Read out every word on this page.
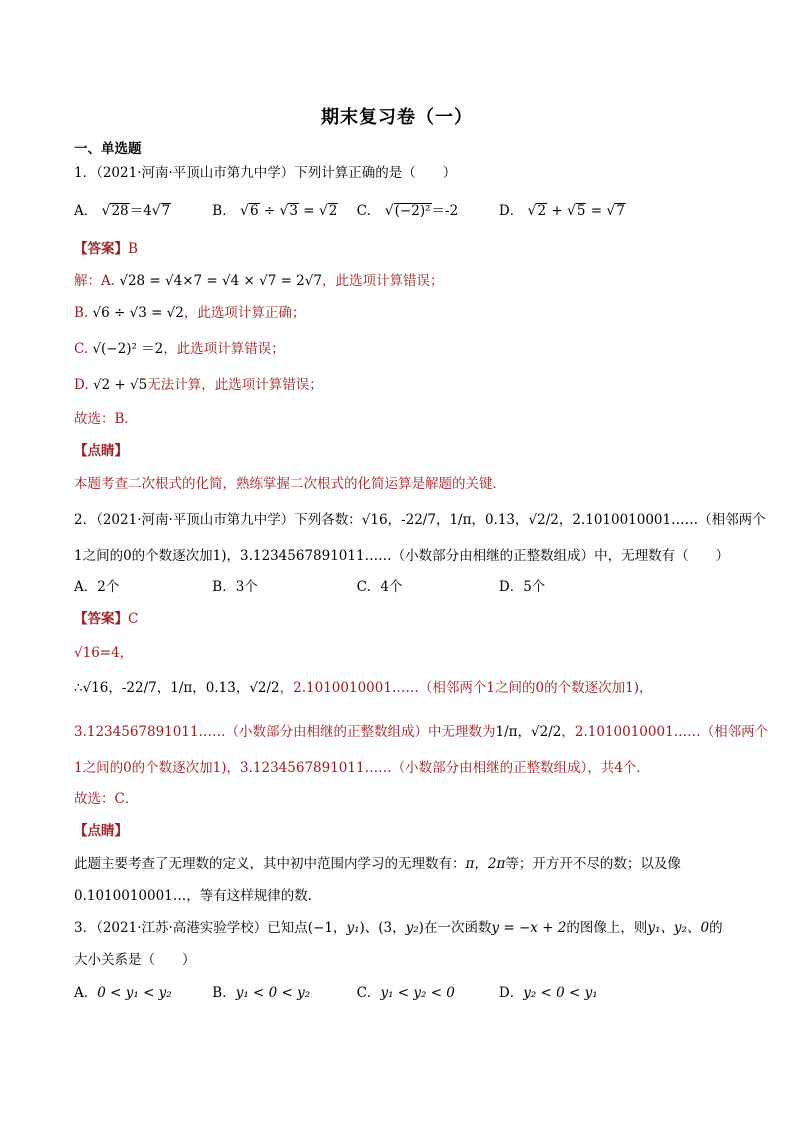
期末复习卷（一）
一、单选题
1．（2021·河南·平顶山市第九中学）下列计算正确的是（　　）
A． √28＝4√7	B． √6 ÷ √3 = √2 C． √(−2)²＝-2	D． √2 + √5 = √7
【答案】B
解：A. √28 = √4×7 = √4 × √7 = 2√7，此选项计算错误；
B. √6 ÷ √3 = √2，此选项计算正确；
C. √(−2)² ＝2，此选项计算错误；
D. √2 + √5无法计算，此选项计算错误；
故选：B．
【点睛】
本题考查二次根式的化简，熟练掌握二次根式的化简运算是解题的关键．
2．（2021·河南·平顶山市第九中学）下列各数：√16，-22/7，1/π，0.13̇，√2/2，2.1010010001……（相邻两个
1之间的0的个数逐次加1)，3.1234567891011……（小数部分由相继的正整数组成）中，无理数有（　　）
A．2个	B．3个	C．4个	D．5个
【答案】C
√16=4，
∴√16，-22/7，1/π，0.13̇，√2/2，2.1010010001……（相邻两个1之间的0的个数逐次加1)，
3.1234567891011……（小数部分由相继的正整数组成）中无理数为1/π，√2/2，2.1010010001……（相邻两个
1之间的0的个数逐次加1)，3.1234567891011……（小数部分由相继的正整数组成），共4个．
故选：C．
【点睛】
此题主要考查了无理数的定义，其中初中范围内学习的无理数有：π，2π等；开方开不尽的数；以及像
0.1010010001…，等有这样规律的数．
3．（2021·江苏·高港实验学校）已知点(−1，y₁)、(3，y₂)在一次函数y = −x + 2的图像上，则y₁、y₂、0的
大小关系是（　　）
A．0 < y₁ < y₂	B．y₁ < 0 < y₂	C．y₁ < y₂ < 0	D．y₂ < 0 < y₁
